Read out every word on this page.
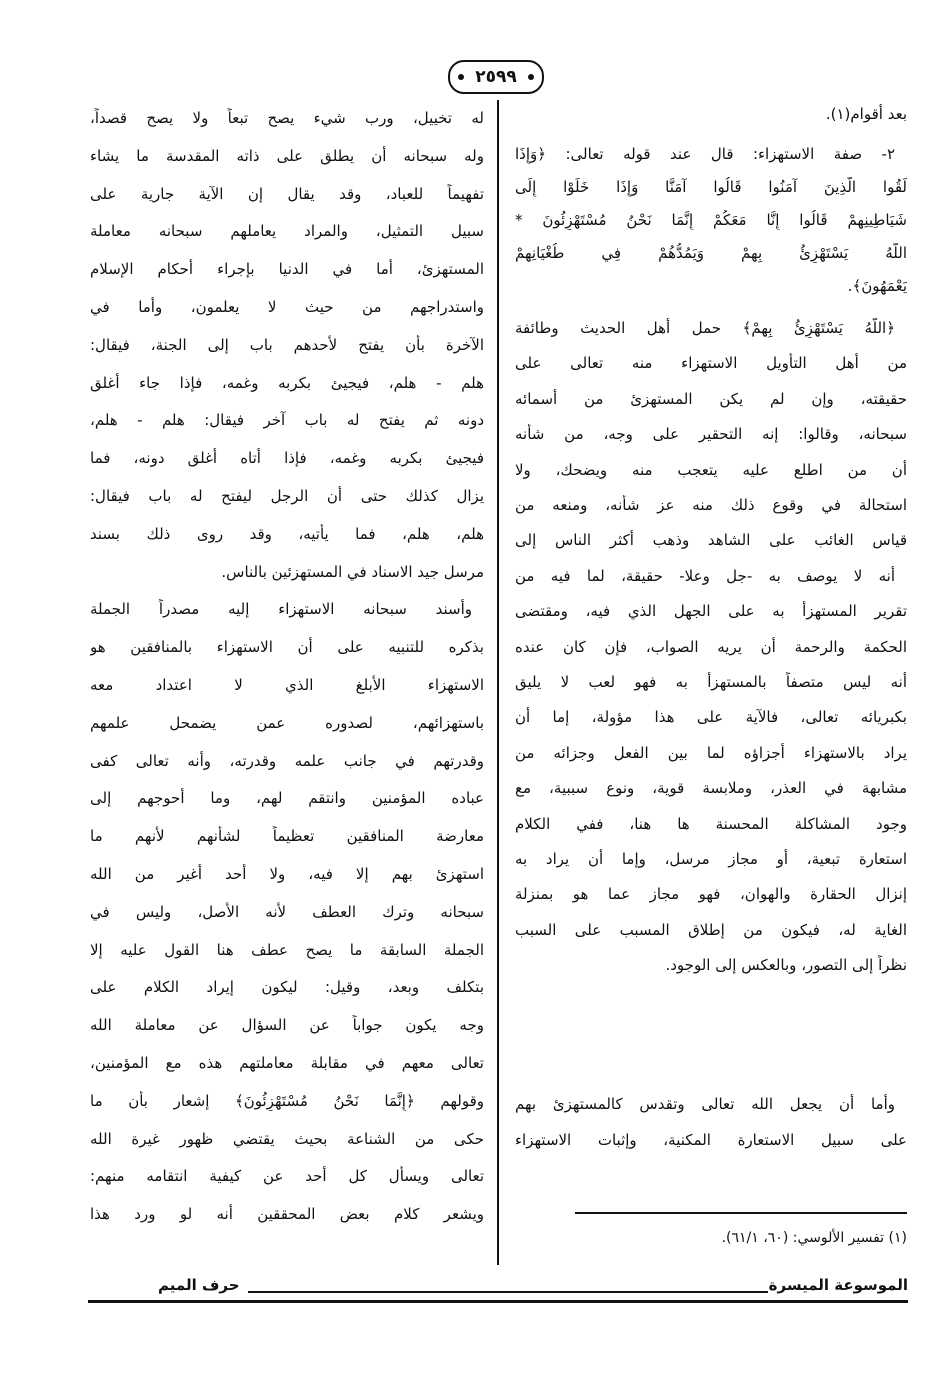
٢٥٩٩
بعد أقوام(١).
٢- صفة الاستهزاء: قال عند قوله تعالى: ﴿وَإِذَا
لَقُوا الَّذِينَ آمَنُوا قَالُوا آمَنَّا وَإِذَا خَلَوْا إِلَى
شَيَاطِينِهِمْ قَالُوا إِنَّا مَعَكُمْ إِنَّمَا نَحْنُ مُسْتَهْزِئُونَ *
اللَّهُ يَسْتَهْزِئُ بِهِمْ وَيَمُدُّهُمْ فِي طُغْيَانِهِمْ
يَعْمَهُونَ﴾.
﴿اللَّهُ يَسْتَهْزِئُ بِهِمْ﴾ حمل أهل الحديث وطائفة
من أهل التأويل الاستهزاء منه تعالى على
حقيقته، وإن لم يكن المستهزئ من أسمائه
سبحانه، وقالوا: إنه التحقير على وجه، من شأنه
أن من اطلع عليه يتعجب منه ويضحك، ولا
استحالة في وقوع ذلك منه عز شأنه، ومنعه من
قياس الغائب على الشاهد وذهب أكثر الناس إلى
أنه لا يوصف به -جل وعلا- حقيقة، لما فيه من
تقرير المستهزأ به على الجهل الذي فيه، ومقتضى
الحكمة والرحمة أن يريه الصواب، فإن كان عنده
أنه ليس متصفاً بالمستهزأ به فهو لعب لا يليق
بكبريائه تعالى، فالآية على هذا مؤولة، إما أن
يراد بالاستهزاء أجزاؤه لما بين الفعل وجزائه من
مشابهة في العذر، وملابسة قوية، ونوع سببية، مع
وجود المشاكلة المحسنة ها هنا، ففي الكلام
استعارة تبعية، أو مجاز مرسل، وإما أن يراد به
إنزال الحقارة والهوان، فهو مجاز عما هو بمنزلة
الغاية له، فيكون من إطلاق المسبب على السبب
نظراً إلى التصور، وبالعكس إلى الوجود.
وأما أن يجعل الله تعالى وتقدس كالمستهزئ بهم
على سبيل الاستعارة المكنية، وإثبات الاستهزاء
له تخييل، ورب شيء يصح تبعاً ولا يصح قصداً،
وله سبحانه أن يطلق على ذاته المقدسة ما يشاء
تفهيماً للعباد، وقد يقال إن الآية جارية على
سبيل التمثيل، والمراد يعاملهم سبحانه معاملة
المستهزئ، أما في الدنيا بإجراء أحكام الإسلام
واستدراجهم من حيث لا يعلمون، وأما في
الآخرة بأن يفتح لأحدهم باب إلى الجنة، فيقال:
هلم - هلم، فيجيئ بكربه وغمه، فإذا جاء أغلق
دونه ثم يفتح له باب آخر فيقال: هلم - هلم،
فيجيئ بكربه وغمه، فإذا أتاه أغلق دونه، فما
يزال كذلك حتى أن الرجل ليفتح له باب فيقال:
هلم، هلم، فما يأتيه، وقد روى ذلك بسند
مرسل جيد الاسناد في المستهزئين بالناس.
وأسند سبحانه الاستهزاء إليه مصدراً الجملة
بذكره للتنبيه على أن الاستهزاء بالمنافقين هو
الاستهزاء الأبلغ الذي لا اعتداد معه
باستهزائهم، لصدوره عمن يضمحل علمهم
وقدرتهم في جانب علمه وقدرته، وأنه تعالى كفى
عباده المؤمنين وانتقم لهم، وما أحوجهم إلى
معارضة المنافقين تعظيماً لشأنهم لأنهم ما
استهزئ بهم إلا فيه، ولا أحد أغير من الله
سبحانه وترك العطف لأنه الأصل، وليس في
الجملة السابقة ما يصح عطف هنا القول عليه إلا
بتكلف وبعد، وقيل: ليكون إيراد الكلام على
وجه يكون جواباً عن السؤال عن معاملة الله
تعالى معهم في مقابلة معاملتهم هذه مع المؤمنين،
وقولهم ﴿إِنَّمَا نَحْنُ مُسْتَهْزِئُونَ﴾ إشعار بأن ما
حكى من الشناعة بحيث يقتضي ظهور غيرة الله
تعالى ويسأل كل أحد عن كيفية انتقامه منهم:
ويشعر كلام بعض المحققين أنه لو ورد هذا
(١) تفسير الألوسي: (٦٠، ٦١/١).
الموسوعة الميسرة
حرف الميم
